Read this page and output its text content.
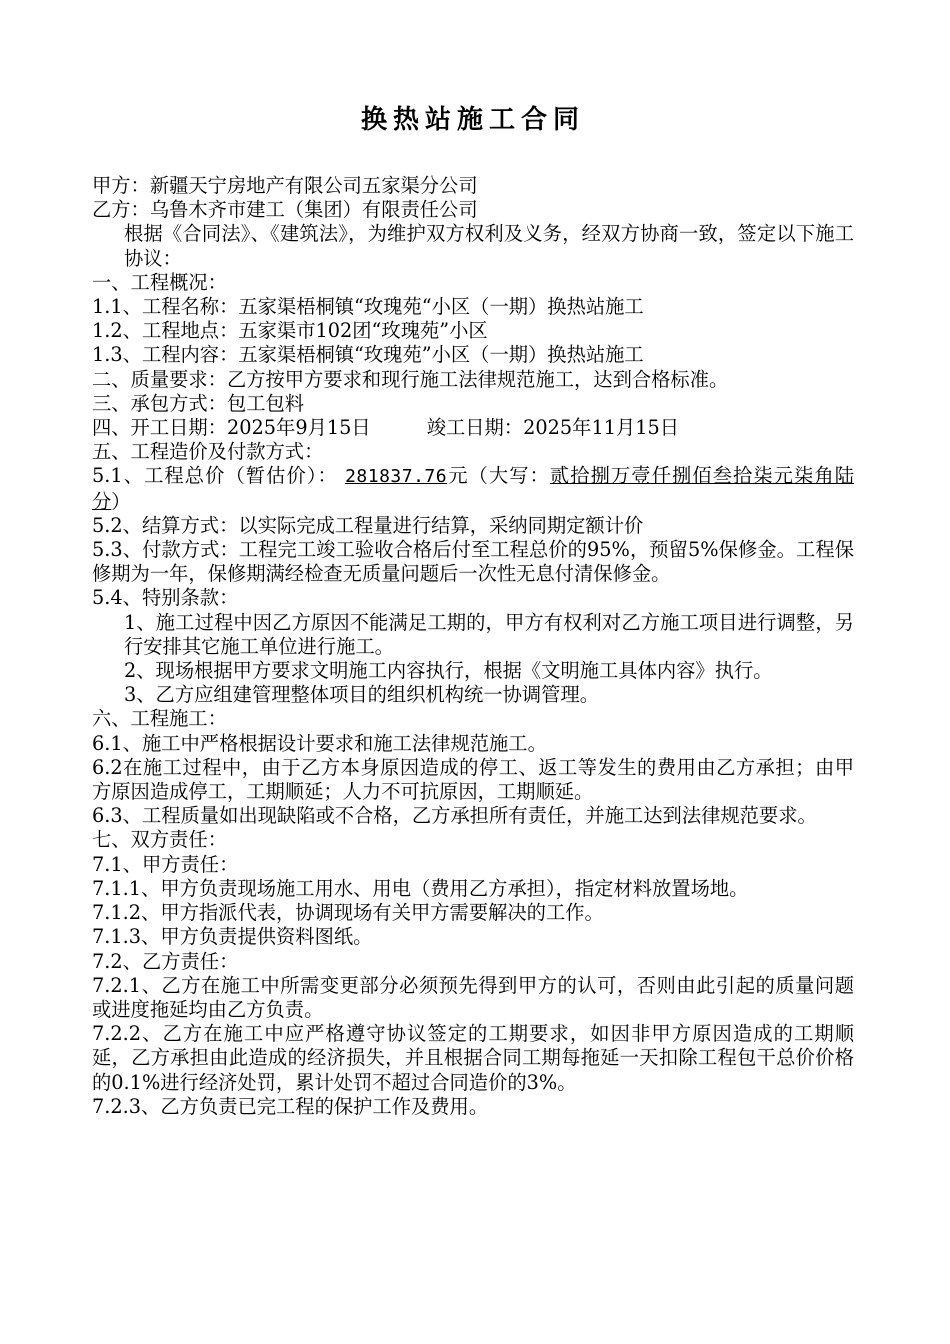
换热站施工合同

甲方：新疆天宁房地产有限公司五家渠分公司

乙方：乌鲁木齐市建工（集团）有限责任公司

根据《合同法》、《建筑法》，为维护双方权利及义务，经双方协商一致，签定以下施工协议：

一、工程概况：

1.1、工程名称：五家渠梧桐镇“玫瑰苑“小区（一期）换热站施工

1.2、工程地点：五家渠市102团“玫瑰苑”小区

1.3、工程内容：五家渠梧桐镇“玫瑰苑”小区（一期）换热站施工

二、质量要求：乙方按甲方要求和现行施工法律规范施工，达到合格标准。

三、承包方式：包工包料

四、开工日期：2025年9月15日	竣工日期：2025年11月15日

五、工程造价及付款方式：

5.1、工程总价（暂估价）： 281837.76元（大写：贰拾捌万壹仟捌佰叁拾柒元柒角陆分）

5.2、结算方式：以实际完成工程量进行结算，采纳同期定额计价

5.3、付款方式：工程完工竣工验收合格后付至工程总价的95%，预留5%保修金。工程保修期为一年，保修期满经检查无质量问题后一次性无息付清保修金。

5.4、特别条款：

1、施工过程中因乙方原因不能满足工期的，甲方有权利对乙方施工项目进行调整，另行安排其它施工单位进行施工。

2、现场根据甲方要求文明施工内容执行，根据《文明施工具体内容》执行。

3、乙方应组建管理整体项目的组织机构统一协调管理。

六、工程施工：

6.1、施工中严格根据设计要求和施工法律规范施工。

6.2在施工过程中，由于乙方本身原因造成的停工、返工等发生的费用由乙方承担；由甲方原因造成停工，工期顺延；人力不可抗原因，工期顺延。

6.3、工程质量如出现缺陷或不合格，乙方承担所有责任，并施工达到法律规范要求。

七、双方责任：

7.1、甲方责任：

7.1.1、甲方负责现场施工用水、用电（费用乙方承担），指定材料放置场地。

7.1.2、甲方指派代表，协调现场有关甲方需要解决的工作。

7.1.3、甲方负责提供资料图纸。

7.2、乙方责任：

7.2.1、乙方在施工中所需变更部分必须预先得到甲方的认可，否则由此引起的质量问题或进度拖延均由乙方负责。

7.2.2、乙方在施工中应严格遵守协议签定的工期要求，如因非甲方原因造成的工期顺延，乙方承担由此造成的经济损失，并且根据合同工期每拖延一天扣除工程包干总价价格的0.1%进行经济处罚，累计处罚不超过合同造价的3%。

7.2.3、乙方负责已完工程的保护工作及费用。
